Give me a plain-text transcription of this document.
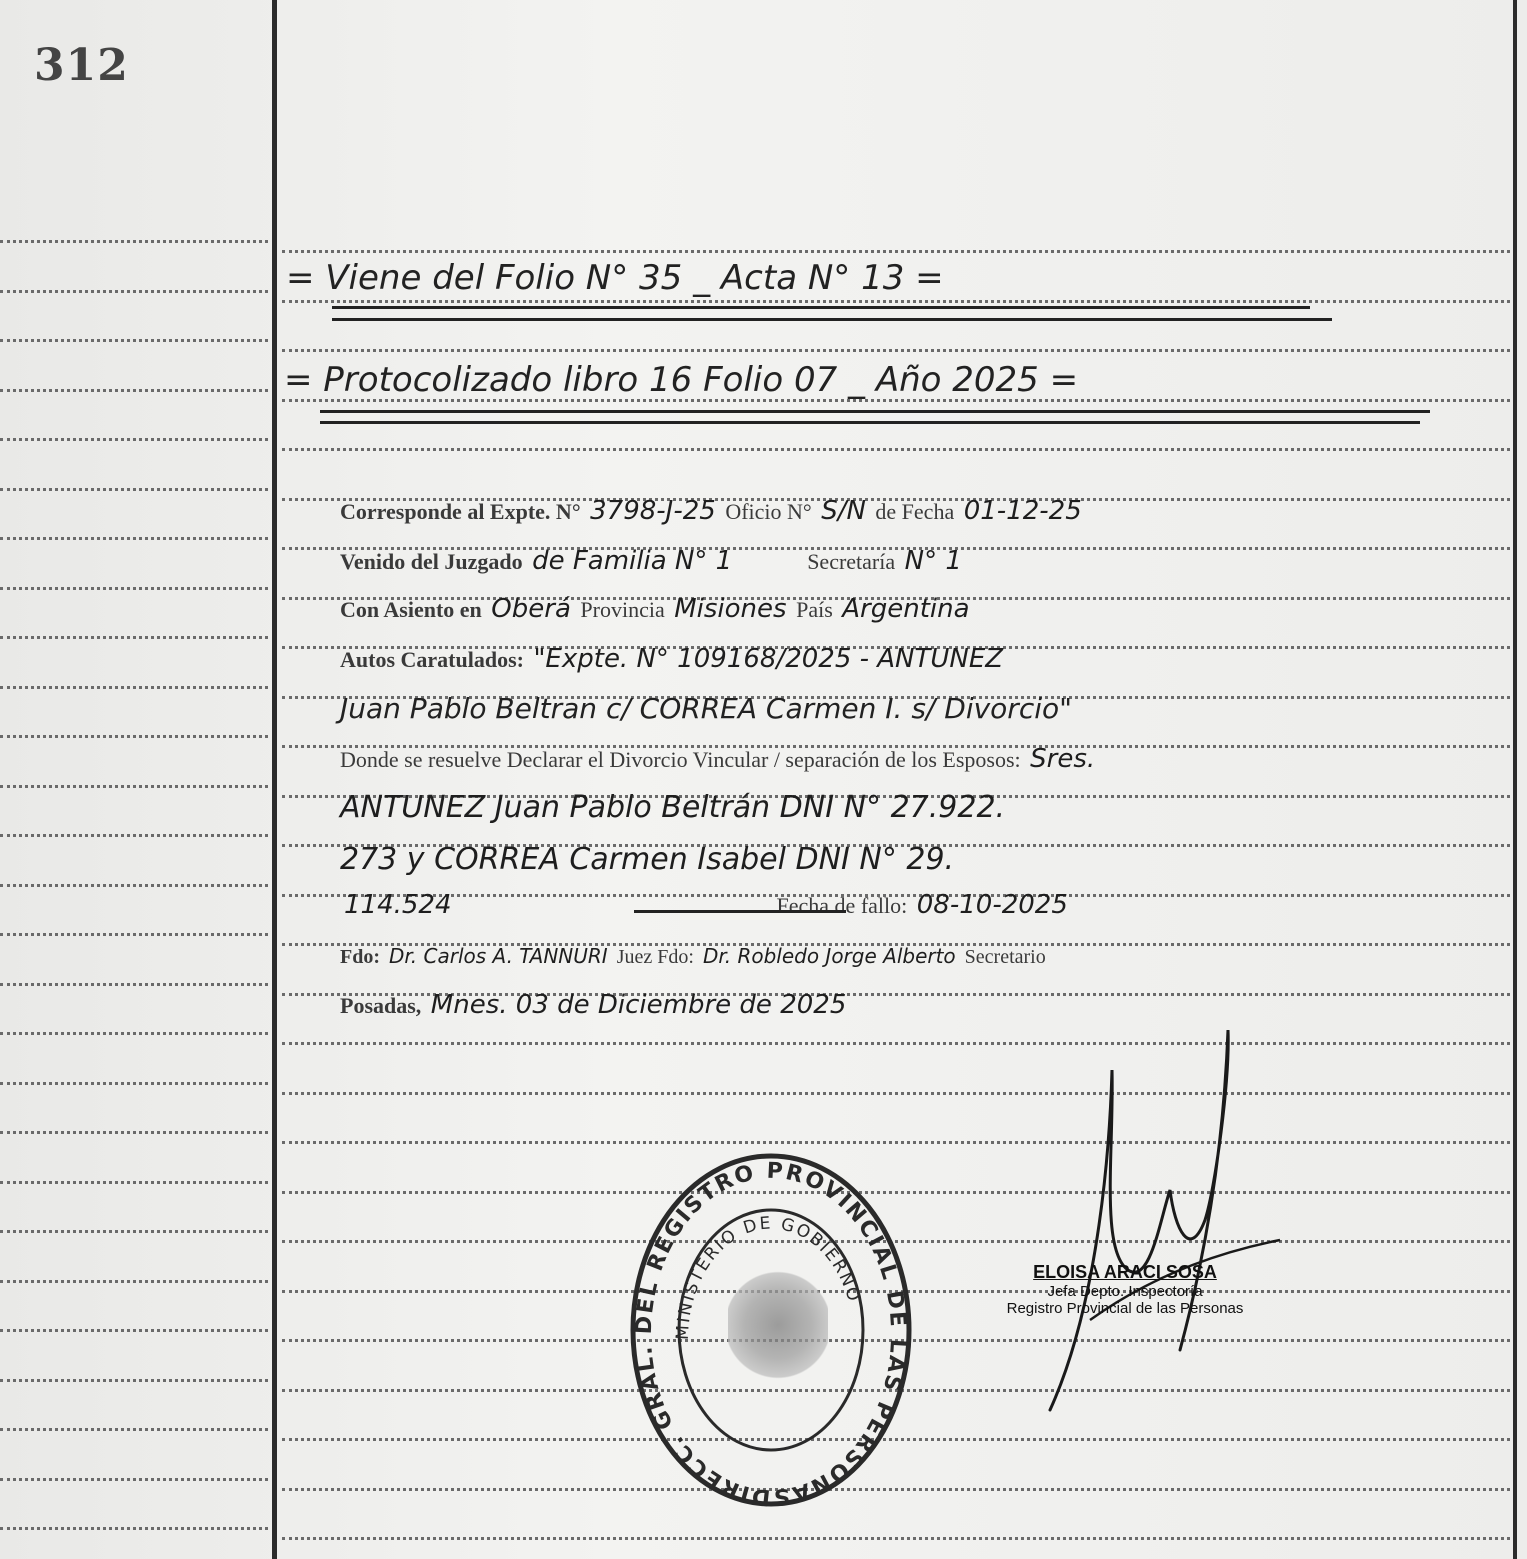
312
= Viene del Folio N° 35 _ Acta N° 13 =
= Protocolizado libro 16 Folio 07 _ Año 2025 =
Corresponde al Expte. N° 3798-J-25 Oficio N° S/N de Fecha 01-12-25
Venido del Juzgado de Familia N° 1	Secretaría N° 1
Con Asiento en Oberá Provincia Misiones País Argentina
Autos Caratulados: "Expte. N° 109168/2025 - ANTUNEZ
Juan Pablo Beltran c/ CORREA Carmen I. s/ Divorcio"
Donde se resuelve Declarar el Divorcio Vincular / separación de los Esposos: Sres.
ANTUNEZ Juan Pablo Beltrán DNI N° 27.922.
273 y CORREA Carmen Isabel DNI N° 29.
114.524	Fecha de fallo: 08-10-2025
Fdo: Dr. Carlos A. TANNURI Juez Fdo: Dr. Robledo Jorge Alberto Secretario
Posadas, Mnes. 03 de Diciembre de 2025
DIRECC. GRAL. DEL REGISTRO PROVINCIAL DE LAS PERSONAS
MINISTERIO DE GOBIERNO
ELOISA ARACI SOSA
Jefa Depto. Inspectoría
Registro Provincial de las Personas
